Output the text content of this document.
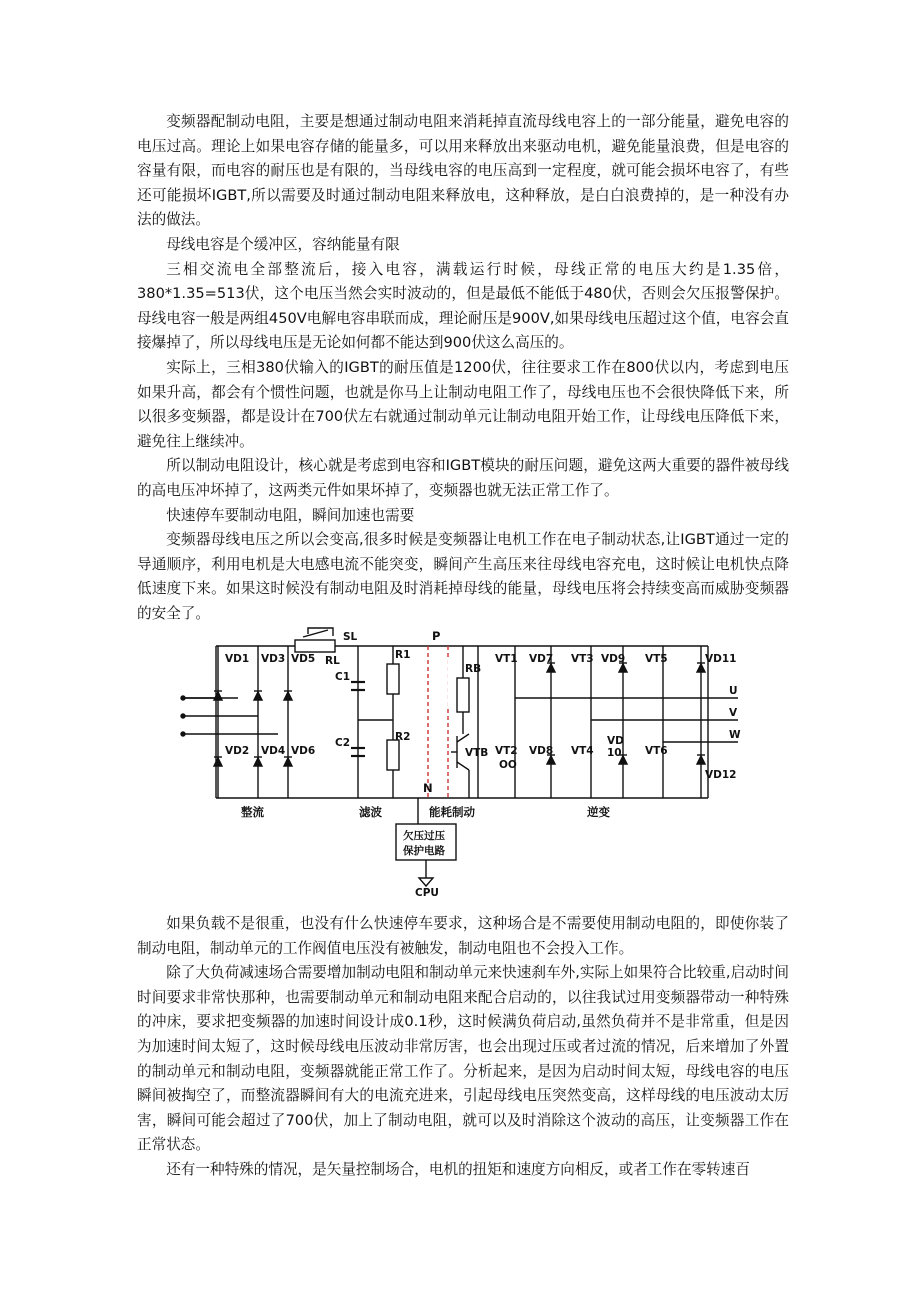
变频器配制动电阻，主要是想通过制动电阻来消耗掉直流母线电容上的一部分能量，避免电容的电压过高。理论上如果电容存储的能量多，可以用来释放出来驱动电机，避免能量浪费，但是电容的容量有限，而电容的耐压也是有限的，当母线电容的电压高到一定程度，就可能会损坏电容了，有些还可能损坏IGBT,所以需要及时通过制动电阻来释放电，这种释放，是白白浪费掉的，是一种没有办法的做法。

母线电容是个缓冲区，容纳能量有限

三相交流电全部整流后，接入电容，满载运行时候，母线正常的电压大约是1.35倍，380*1.35=513伏，这个电压当然会实时波动的，但是最低不能低于480伏，否则会欠压报警保护。母线电容一般是两组450V电解电容串联而成，理论耐压是900V,如果母线电压超过这个值，电容会直接爆掉了，所以母线电压是无论如何都不能达到900伏这么高压的。

实际上，三相380伏输入的IGBT的耐压值是1200伏，往往要求工作在800伏以内，考虑到电压如果升高，都会有个惯性问题，也就是你马上让制动电阻工作了，母线电压也不会很快降低下来，所以很多变频器，都是设计在700伏左右就通过制动单元让制动电阻开始工作，让母线电压降低下来，避免往上继续冲。

所以制动电阻设计，核心就是考虑到电容和IGBT模块的耐压问题，避免这两大重要的器件被母线的高电压冲坏掉了，这两类元件如果坏掉了，变频器也就无法正常工作了。

快速停车要制动电阻，瞬间加速也需要

变频器母线电压之所以会变高,很多时候是变频器让电机工作在电子制动状态,让IGBT通过一定的导通顺序，利用电机是大电感电流不能突变，瞬间产生高压来往母线电容充电，这时候让电机快点降低速度下来。如果这时候没有制动电阻及时消耗掉母线的能量，母线电压将会持续变高而威胁变频器的安全了。

VD1
VD2
VD3
VD4
VD5
VD6
SL
RL
P
N
C1
C2
R1
R2
RB
VTB
VT1
VT2
OO
VD7
VD8
VT3
VT4
VD9
VD
10
VT5
VT6
VD11
VD12
U
V
W
整流	滤波	能耗制动	逆变
欠压过压
保护电路
CPU

如果负载不是很重，也没有什么快速停车要求，这种场合是不需要使用制动电阻的，即使你装了制动电阻，制动单元的工作阀值电压没有被触发，制动电阻也不会投入工作。

除了大负荷减速场合需要增加制动电阻和制动单元来快速刹车外,实际上如果符合比较重,启动时间时间要求非常快那种，也需要制动单元和制动电阻来配合启动的，以往我试过用变频器带动一种特殊的冲床，要求把变频器的加速时间设计成0.1秒，这时候满负荷启动,虽然负荷并不是非常重，但是因为加速时间太短了，这时候母线电压波动非常厉害，也会出现过压或者过流的情况，后来增加了外置的制动单元和制动电阻，变频器就能正常工作了。分析起来，是因为启动时间太短，母线电容的电压瞬间被掏空了，而整流器瞬间有大的电流充进来，引起母线电压突然变高，这样母线的电压波动太厉害，瞬间可能会超过了700伏，加上了制动电阻，就可以及时消除这个波动的高压，让变频器工作在正常状态。

还有一种特殊的情况，是矢量控制场合，电机的扭矩和速度方向相反，或者工作在零转速百
